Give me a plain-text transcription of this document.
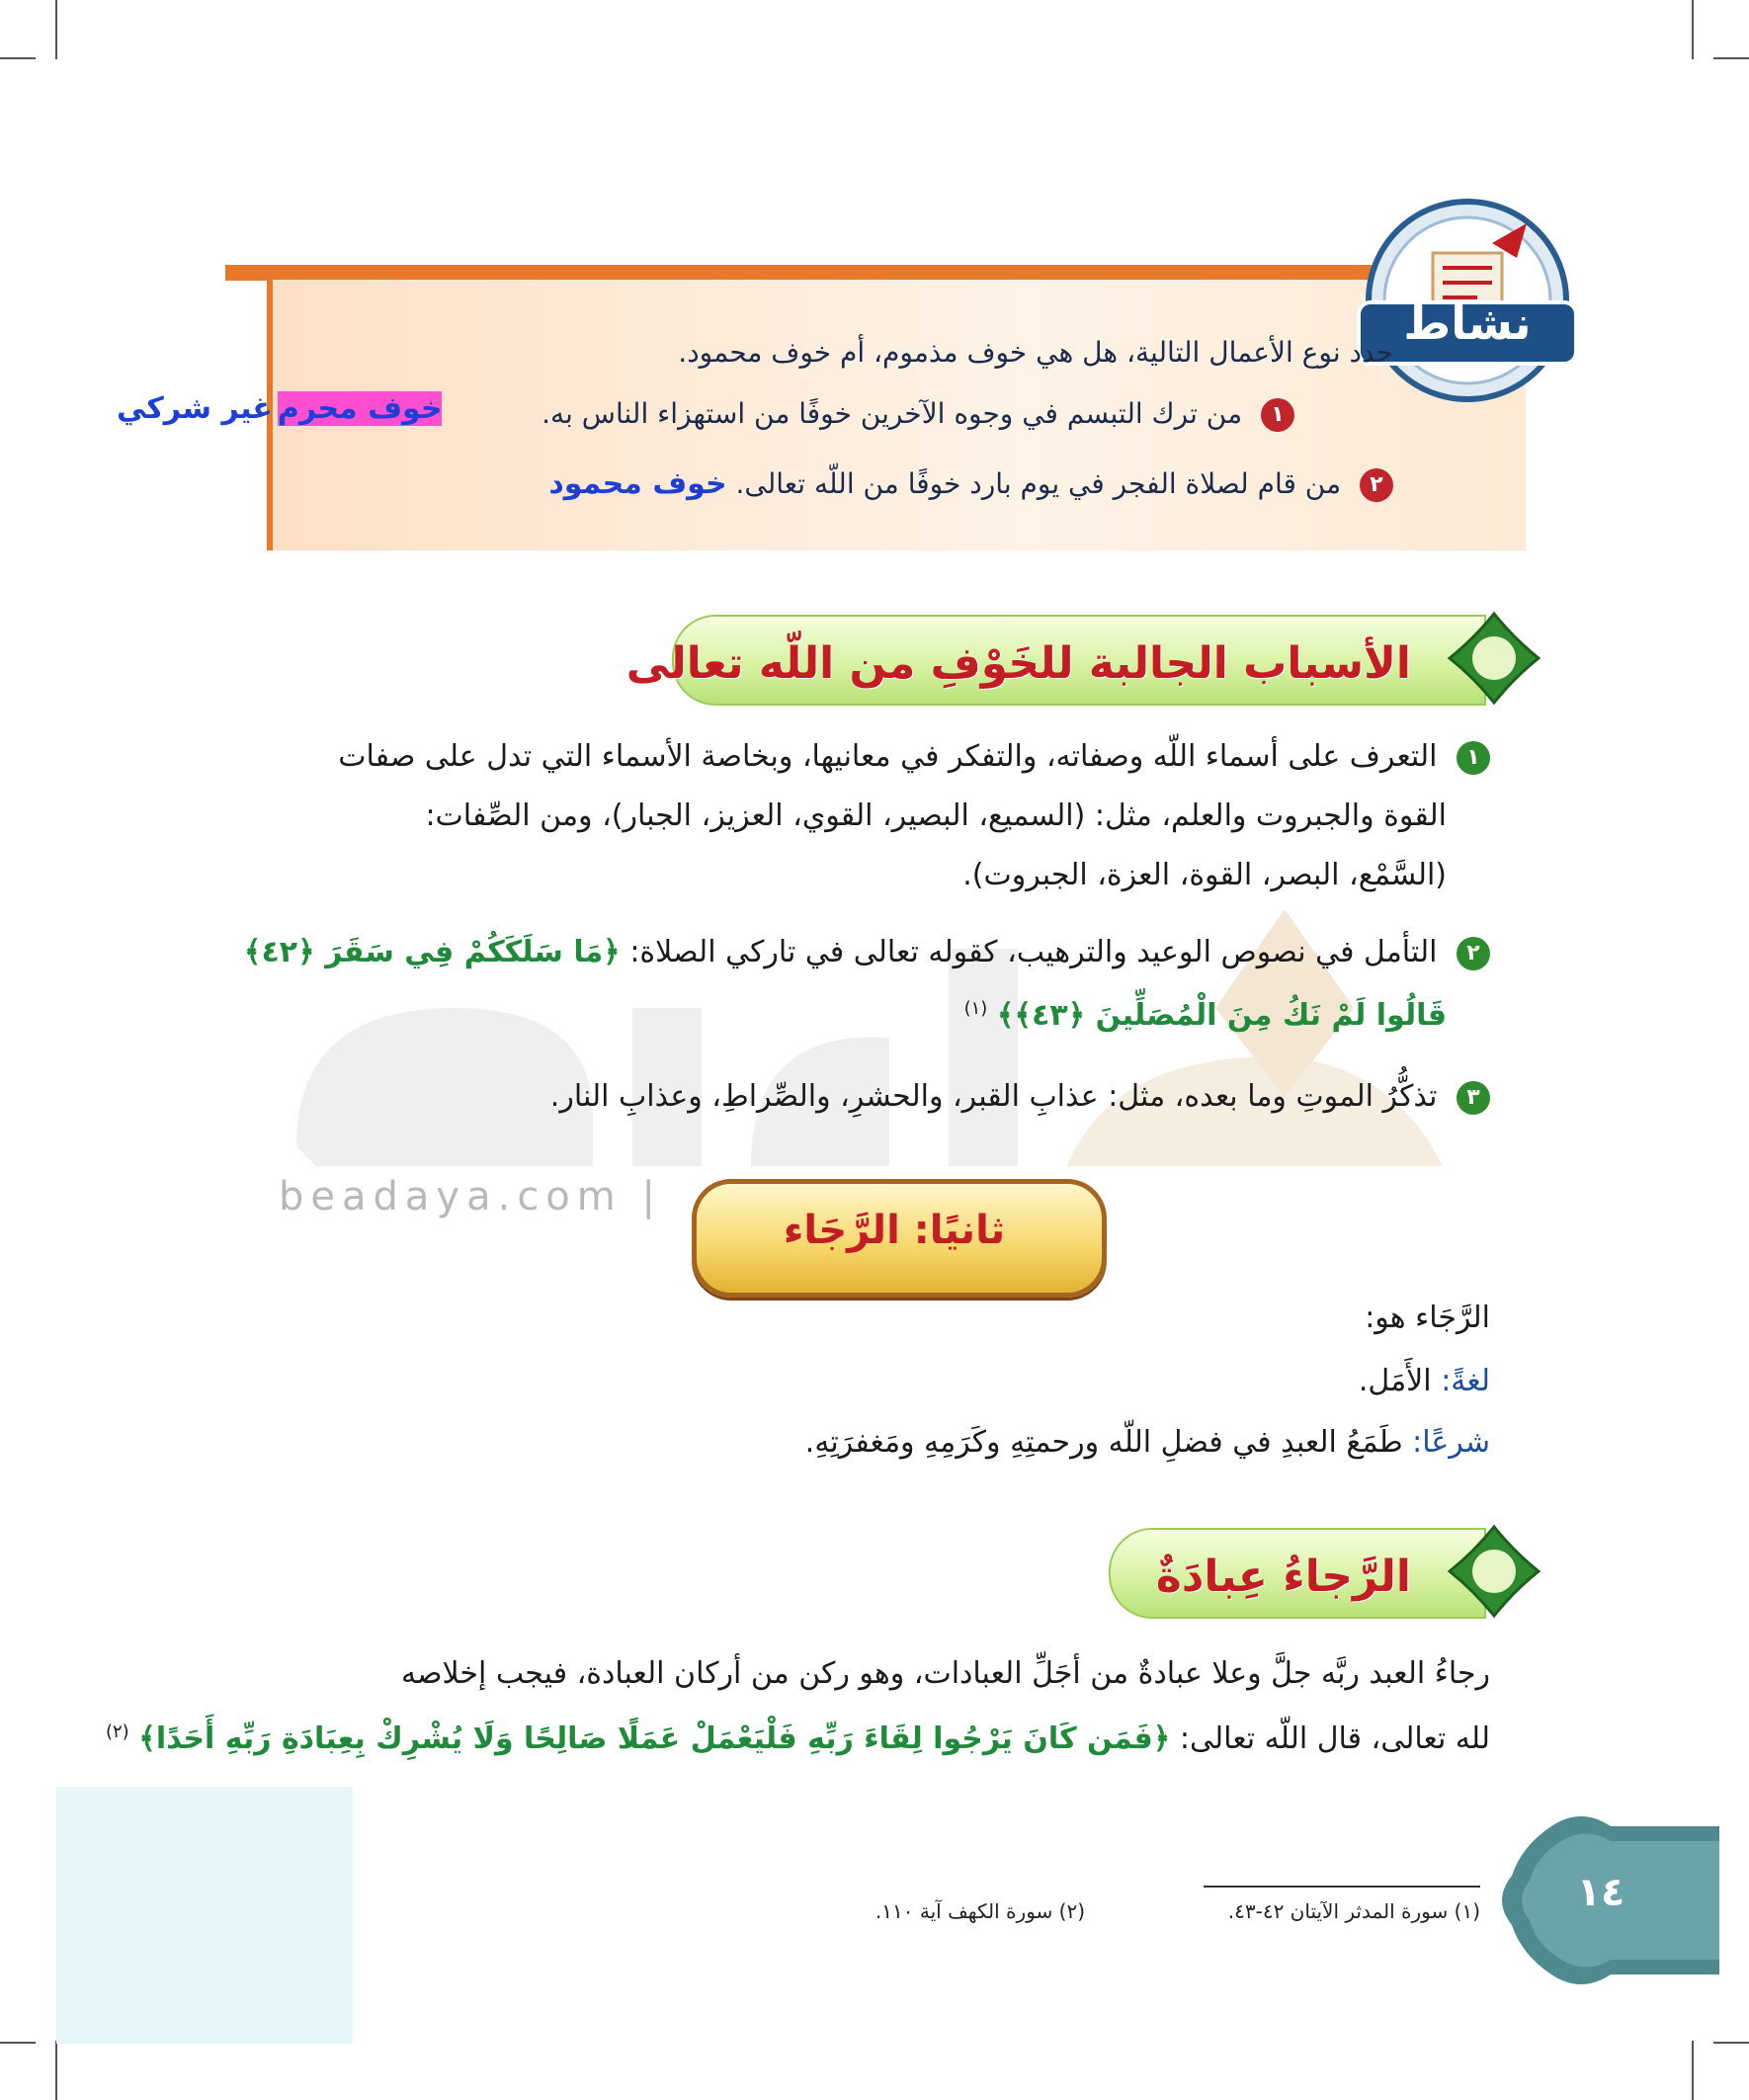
beadaya.com |
نشاط
حدد نوع الأعمال التالية، هل هي خوف مذموم، أم خوف محمود.
١ من ترك التبسم في وجوه الآخرين خوفًا من استهزاء الناس به.
خوف محرم غير شركي
٢ من قام لصلاة الفجر في يوم بارد خوفًا من اللّه تعالى. خوف محمود
الأسباب الجالبة للخَوْفِ من اللّه تعالى
١ التعرف على أسماء اللّه وصفاته، والتفكر في معانيها، وبخاصة الأسماء التي تدل على صفات
القوة والجبروت والعلم، مثل: (السميع، البصير، القوي، العزيز، الجبار)، ومن الصِّفات:
(السَّمْع، البصر، القوة، العزة، الجبروت).
٢ التأمل في نصوص الوعيد والترهيب، كقوله تعالى في تاركي الصلاة: ﴿مَا سَلَكَكُمْ فِي سَقَرَ ﴿٤٢﴾
قَالُوا لَمْ نَكُ مِنَ الْمُصَلِّينَ ﴿٤٣﴾﴾ $^{(١)}$
٣ تذكُّرُ الموتِ وما بعده، مثل: عذابِ القبر، والحشرِ، والصِّراطِ، وعذابِ النار.
ثانيًا: الرَّجَاء
الرَّجَاء هو:
لغةً: الأَمَل.
شرعًا: طَمَعُ العبدِ في فضلِ اللّه ورحمتِهِ وكَرَمِهِ ومَغفرَتِهِ.
الرَّجاءُ عِبادَةٌ
رجاءُ العبد ربَّه جلَّ وعلا عبادةٌ من أجَلِّ العبادات، وهو ركن من أركان العبادة، فيجب إخلاصه
لله تعالى، قال اللّه تعالى: ﴿فَمَن كَانَ يَرْجُوا لِقَاءَ رَبِّهِ فَلْيَعْمَلْ عَمَلًا صَالِحًا وَلَا يُشْرِكْ بِعِبَادَةِ رَبِّهِ أَحَدًا﴾ $^{(٢)}$
(١) سورة المدثر الآيتان ٤٢-٤٣.
(٢) سورة الكهف آية ١١٠.	١٤
